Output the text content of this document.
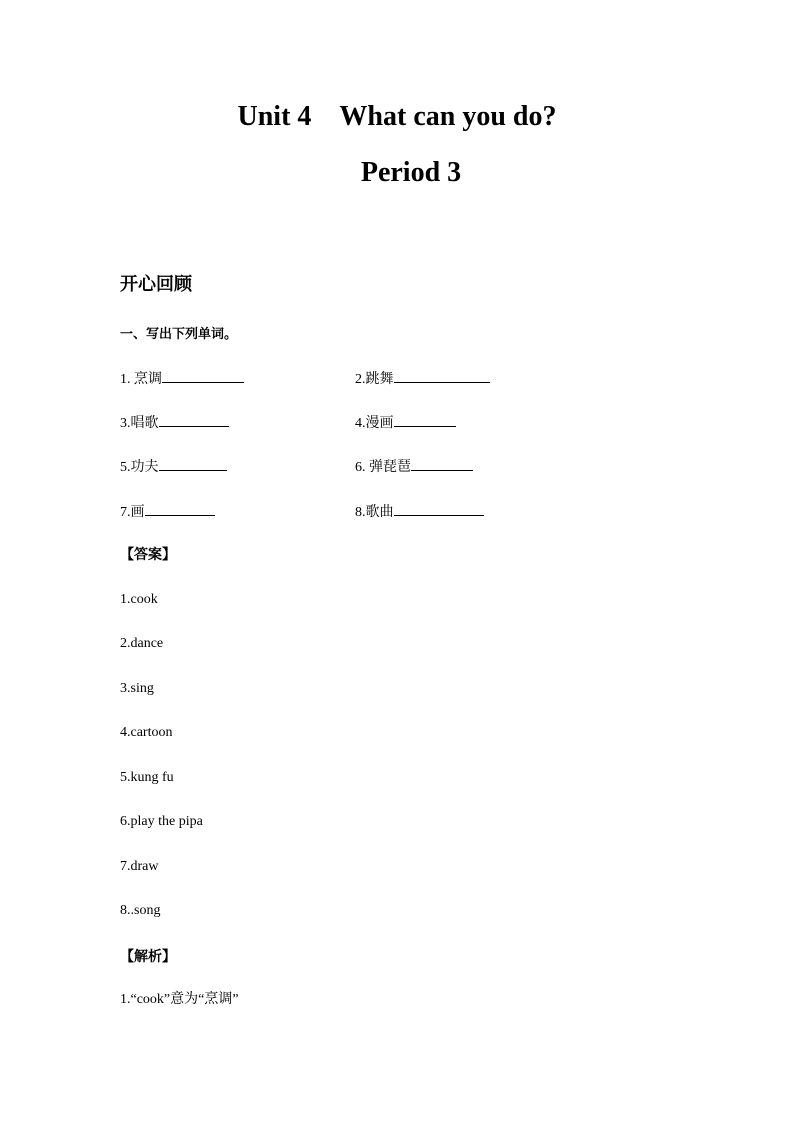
Unit 4 What can you do?
Period 3
开心回顾

一、写出下列单词。

1. 烹调	2.跳舞
3.唱歌	4.漫画
5.功夫	6. 弹琵琶
7.画	8.歌曲
【答案】
1.cook
2.dance
3.sing
4.cartoon
5.kung fu
6.play the pipa
7.draw
8..song
【解析】
1.“cook”意为“烹调”
